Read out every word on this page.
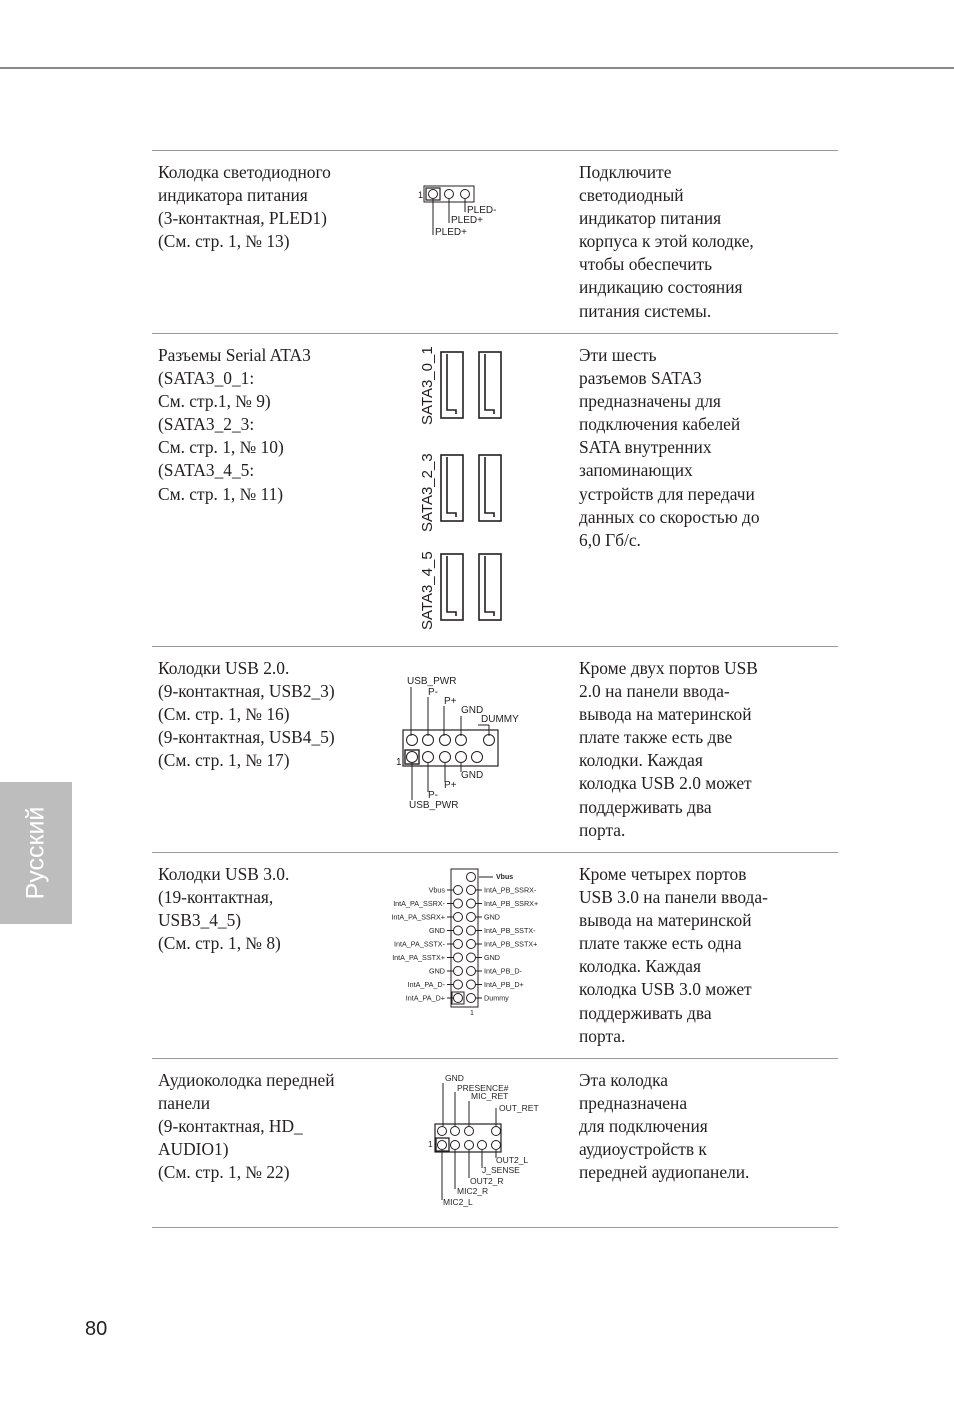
Русский
Колодка светодиодного
индикатора питания
(3-контактная, PLED1)
(См. стр. 1, № 13)
Подключите
светодиодный
индикатор питания
корпуса к этой колодке,
чтобы обеспечить
индикацию состояния
питания системы.
1
PLED-
PLED+
PLED+
Разъемы Serial ATA3
(SATA3_0_1:
См. стр.1, № 9)
(SATA3_2_3:
См. стр. 1, № 10)
(SATA3_4_5:
См. стр. 1, № 11)
Эти шесть
разъемов SATA3
предназначены для
подключения кабелей
SATA внутренних
запоминающих
устройств для передачи
данных со скоростью до
6,0 Гб/с.
SATA3_0_1
SATA3_2_3
SATA3_4_5
Колодки USB 2.0.
(9-контактная, USB2_3)
(См. стр. 1, № 16)
(9-контактная, USB4_5)
(См. стр. 1, № 17)
Кроме двух портов USB
2.0 на панели ввода-
вывода на материнской
плате также есть две
колодки. Каждая
колодка USB 2.0 может
поддерживать два
порта.
USB_PWR
P-
P+
GND
DUMMY
GND
P+
P-
USB_PWR
1
Колодки USB 3.0.
(19-контактная,
USB3_4_5)
(См. стр. 1, № 8)
Кроме четырех портов
USB 3.0 на панели ввода-
вывода на материнской
плате также есть одна
колодка. Каждая
колодка USB 3.0 может
поддерживать два
порта.
Vbus
Vbus
IntA_PA_SSRX-
IntA_PA_SSRX+
GND
IntA_PA_SSTX-
IntA_PA_SSTX+
GND
IntA_PA_D-
IntA_PA_D+
IntA_PB_SSRX-
IntA_PB_SSRX+
GND
IntA_PB_SSTX-
IntA_PB_SSTX+
GND
IntA_PB_D-
IntA_PB_D+
Dummy
1
Аудиоколодка передней
панели
(9-контактная, HD_
AUDIO1)
(См. стр. 1, № 22)
Эта колодка
предназначена
для подключения
аудиоустройств к
передней аудиопанели.
GND
PRESENCE#
MIC_RET
OUT_RET
OUT2_L
J_SENSE
OUT2_R
MIC2_R
MIC2_L
1
80
